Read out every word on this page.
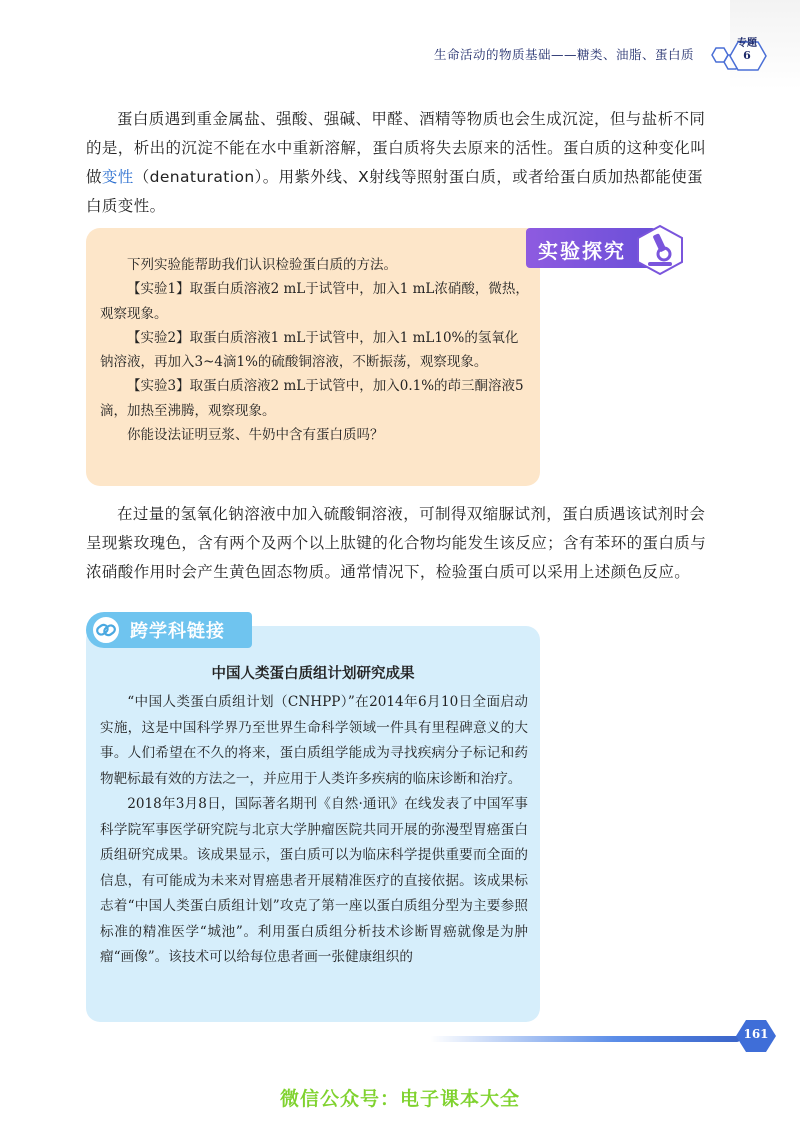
生命活动的物质基础——糖类、油脂、蛋白质
专题
6
蛋白质遇到重金属盐、强酸、强碱、甲醛、酒精等物质也会生成沉淀，但与盐析不同的是，析出的沉淀不能在水中重新溶解，蛋白质将失去原来的活性。蛋白质的这种变化叫做变性（denaturation）。用紫外线、X射线等照射蛋白质，或者给蛋白质加热都能使蛋白质变性。
实验探究

下列实验能帮助我们认识检验蛋白质的方法。

【实验1】取蛋白质溶液2 mL于试管中，加入1 mL浓硝酸，微热，观察现象。

【实验2】取蛋白质溶液1 mL于试管中，加入1 mL10%的氢氧化钠溶液，再加入3~4滴1%的硫酸铜溶液，不断振荡，观察现象。

【实验3】取蛋白质溶液2 mL于试管中，加入0.1%的茚三酮溶液5滴，加热至沸腾，观察现象。

你能设法证明豆浆、牛奶中含有蛋白质吗？

在过量的氢氧化钠溶液中加入硫酸铜溶液，可制得双缩脲试剂，蛋白质遇该试剂时会呈现紫玫瑰色，含有两个及两个以上肽键的化合物均能发生该反应；含有苯环的蛋白质与浓硝酸作用时会产生黄色固态物质。通常情况下，检验蛋白质可以采用上述颜色反应。
跨学科链接
中国人类蛋白质组计划研究成果

“中国人类蛋白质组计划（CNHPP）”在2014年6月10日全面启动实施，这是中国科学界乃至世界生命科学领域一件具有里程碑意义的大事。人们希望在不久的将来，蛋白质组学能成为寻找疾病分子标记和药物靶标最有效的方法之一，并应用于人类许多疾病的临床诊断和治疗。

2018年3月8日，国际著名期刊《自然·通讯》在线发表了中国军事科学院军事医学研究院与北京大学肿瘤医院共同开展的弥漫型胃癌蛋白质组研究成果。该成果显示，蛋白质可以为临床科学提供重要而全面的信息，有可能成为未来对胃癌患者开展精准医疗的直接依据。该成果标志着“中国人类蛋白质组计划”攻克了第一座以蛋白质组分型为主要参照标准的精准医学“城池”。利用蛋白质组分析技术诊断胃癌就像是为肿瘤“画像”。该技术可以给每位患者画一张健康组织的

161
微信公众号：电子课本大全
